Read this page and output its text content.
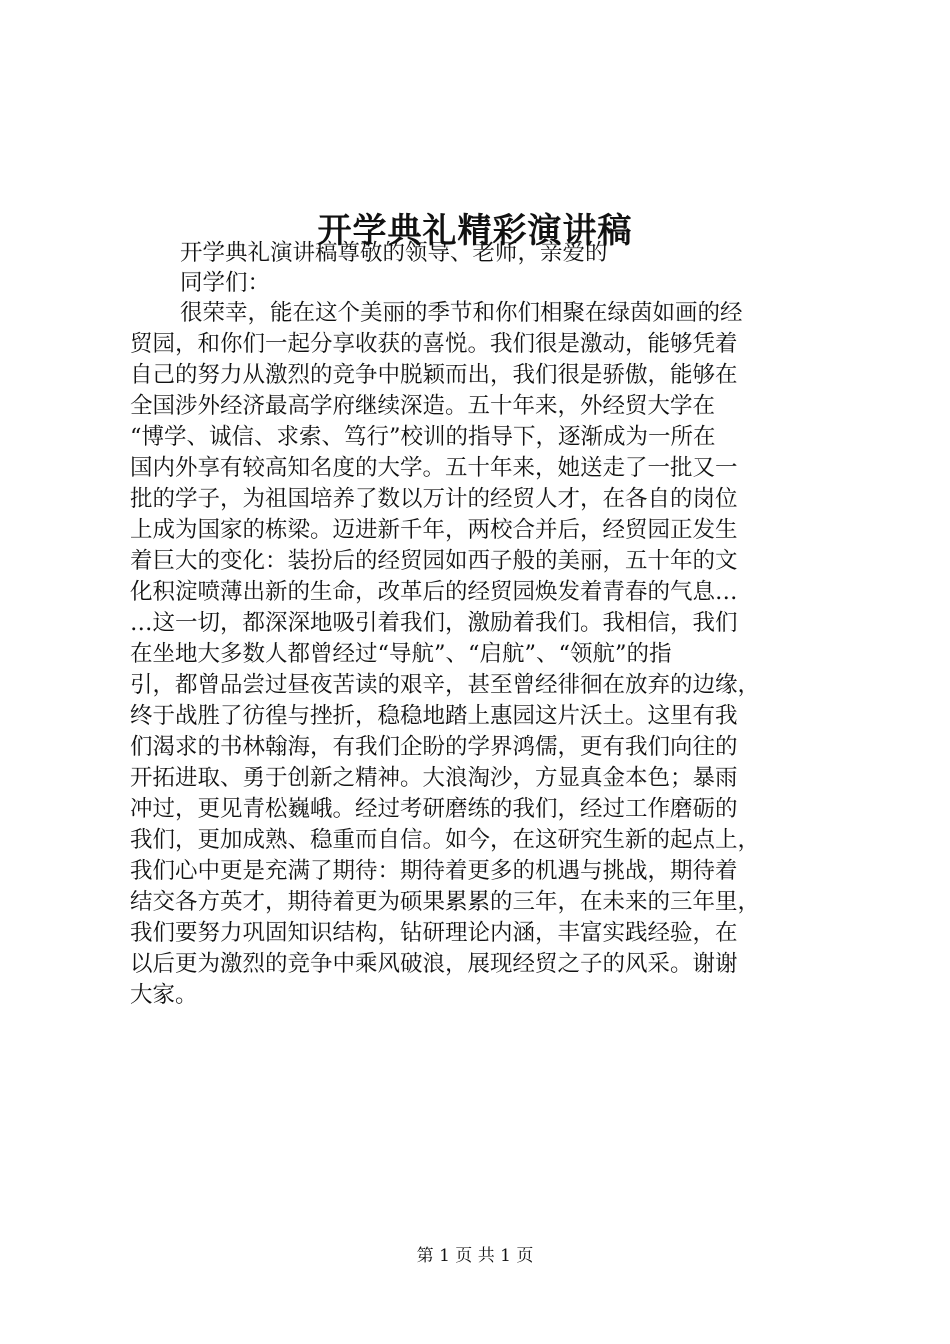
开学典礼精彩演讲稿
开学典礼演讲稿尊敬的领导、老师，亲爱的
同学们：
很荣幸，能在这个美丽的季节和你们相聚在绿茵如画的经
贸园，和你们一起分享收获的喜悦。我们很是激动，能够凭着
自己的努力从激烈的竞争中脱颖而出，我们很是骄傲，能够在
全国涉外经济最高学府继续深造。五十年来，外经贸大学在
“博学、诚信、求索、笃行”校训的指导下，逐渐成为一所在
国内外享有较高知名度的大学。五十年来，她送走了一批又一
批的学子，为祖国培养了数以万计的经贸人才，在各自的岗位
上成为国家的栋梁。迈进新千年，两校合并后，经贸园正发生
着巨大的变化：装扮后的经贸园如西子般的美丽，五十年的文
化积淀喷薄出新的生命，改革后的经贸园焕发着青春的气息…
…这一切，都深深地吸引着我们，激励着我们。我相信，我们
在坐地大多数人都曾经过“导航”、“启航”、“领航”的指
引，都曾品尝过昼夜苦读的艰辛，甚至曾经徘徊在放弃的边缘，
终于战胜了彷徨与挫折，稳稳地踏上惠园这片沃土。这里有我
们渴求的书林翰海，有我们企盼的学界鸿儒，更有我们向往的
开拓进取、勇于创新之精神。大浪淘沙，方显真金本色；暴雨
冲过，更见青松巍峨。经过考研磨练的我们，经过工作磨砺的
我们，更加成熟、稳重而自信。如今，在这研究生新的起点上，
我们心中更是充满了期待：期待着更多的机遇与挑战，期待着
结交各方英才，期待着更为硕果累累的三年，在未来的三年里，
我们要努力巩固知识结构，钻研理论内涵，丰富实践经验，在
以后更为激烈的竞争中乘风破浪，展现经贸之子的风采。谢谢
大家。
第 1 页 共 1 页
